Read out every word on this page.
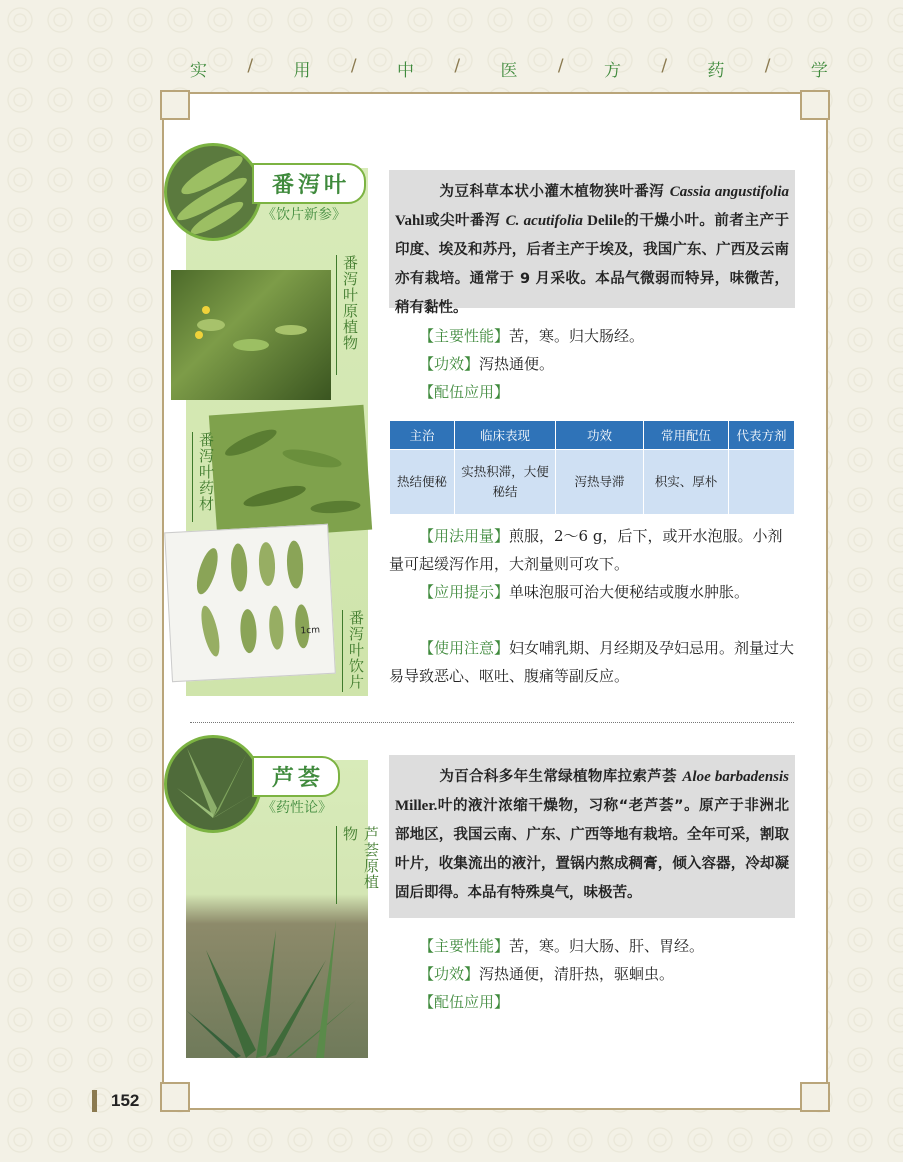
实 / 用 / 中 / 医 / 方 / 药 / 学
番泻叶
《饮片新参》
番泻叶原植物
番泻叶药材
1cm	番泻叶饮片
为豆科草本状小灌木植物狭叶番泻 Cassia angustifolia Vahl或尖叶番泻 C. acutifolia Delile的干燥小叶。前者主产于印度、埃及和苏丹，后者主产于埃及，我国广东、广西及云南亦有栽培。通常于 9 月采收。本品气微弱而特异，味微苦，稍有黏性。
【主要性能】苦，寒。归大肠经。
【功效】泻热通便。
【配伍应用】
主治	临床表现	功效	常用配伍	代表方剂
热结便秘	实热积滞，大便秘结	泻热导滞	枳实、厚朴	
【用法用量】煎服，2～6 g，后下，或开水泡服。小剂量可起缓泻作用，大剂量则可攻下。
【应用提示】单味泡服可治大便秘结或腹水肿胀。
【使用注意】妇女哺乳期、月经期及孕妇忌用。剂量过大易导致恶心、呕吐、腹痛等副反应。
芦荟
《药性论》
芦荟原植物
为百合科多年生常绿植物库拉索芦荟 Aloe barbadensis Miller.叶的液汁浓缩干燥物，习称“老芦荟”。原产于非洲北部地区，我国云南、广东、广西等地有栽培。全年可采，割取叶片，收集流出的液汁，置锅内熬成稠膏，倾入容器，冷却凝固后即得。本品有特殊臭气，味极苦。
【主要性能】苦，寒。归大肠、肝、胃经。
【功效】泻热通便，清肝热，驱蛔虫。
【配伍应用】
152
